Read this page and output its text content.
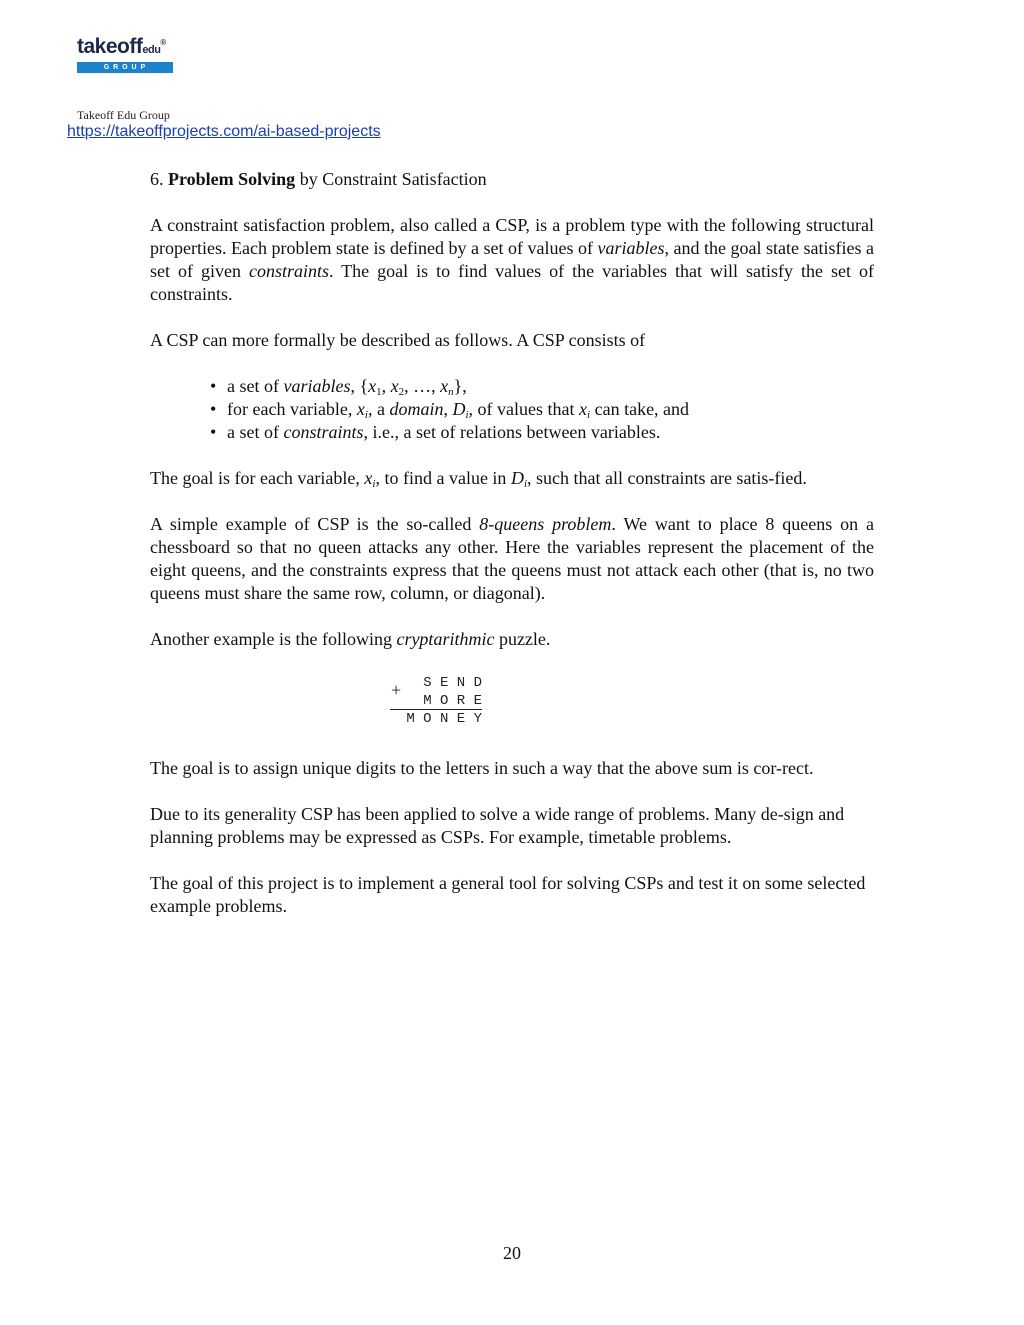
takeoffedu®
G R O U P
Takeoff Edu Group
https://takeoffprojects.com/ai-based-projects
6. Problem Solving by Constraint Satisfaction

A constraint satisfaction problem, also called a CSP, is a problem type with the following structural properties. Each problem state is defined by a set of values of variables, and the goal state satisfies a set of given constraints. The goal is to find values of the variables that will satisfy the set of constraints.

A CSP can more formally be described as follows. A CSP consists of

• a set of variables, {$x_1$, $x_2$, …, $x_n$},
• for each variable, $x_i$, a domain, $D_i$, of values that $x_i$ can take, and
• a set of constraints, i.e., a set of relations between variables.

The goal is for each variable, $x_i$, to find a value in $D_i$, such that all constraints are satis-fied.

A simple example of CSP is the so-called 8-queens problem. We want to place 8 queens on a chessboard so that no queen attacks any other. Here the variables represent the placement of the eight queens, and the constraints express that the queens must not attack each other (that is, no two queens must share the same row, column, or diagonal).

Another example is the following cryptarithmic puzzle.

S E N D
+
M O R E
M O N E Y

The goal is to assign unique digits to the letters in such a way that the above sum is cor-rect.

Due to its generality CSP has been applied to solve a wide range of problems. Many de-sign and planning problems may be expressed as CSPs. For example, timetable problems.

The goal of this project is to implement a general tool for solving CSPs and test it on some selected example problems.

20
